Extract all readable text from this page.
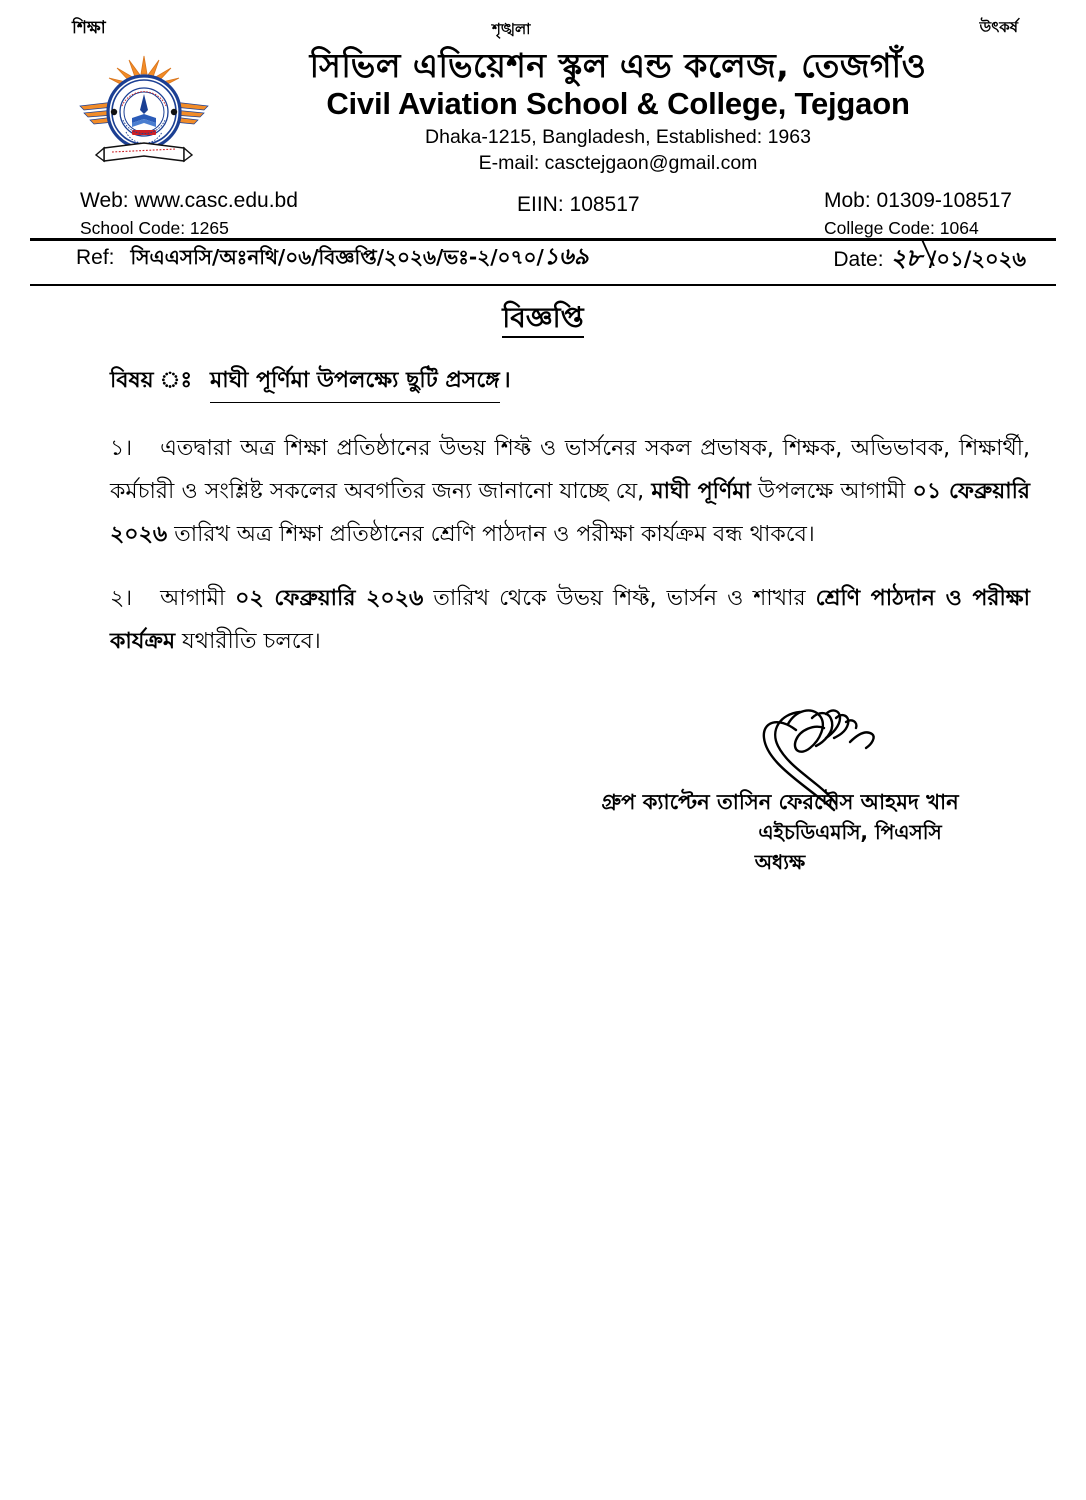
শিক্ষা	শৃঙ্খলা	উৎকর্ষ
সিভিল এভিয়েশন স্কুল এন্ড কলেজ, তেজগাঁও
Civil Aviation School & College, Tejgaon
Dhaka-1215, Bangladesh, Established: 1963
E-mail: casctejgaon@gmail.com
Web: www.casc.edu.bd
School Code: 1265
EIIN: 108517	Mob: 01309-108517
College Code: 1064
Ref: সিএএসসি/অঃনথি/০৬/বিজ্ঞপ্তি/২০২৬/ভঃ-২/০৭০/১৬৯	Date: ২৮ /০১/২০২৬
বিজ্ঞপ্তি
বিষয় ঃ মাঘী পূর্ণিমা উপলক্ষ্যে ছুটি প্রসঙ্গে ।
১। এতদ্বারা অত্র শিক্ষা প্রতিষ্ঠানের উভয় শিফ্ট ও ভার্সনের সকল প্রভাষক, শিক্ষক, অভিভাবক, শিক্ষার্থী, কর্মচারী ও সংশ্লিষ্ট সকলের অবগতির জন্য জানানো যাচ্ছে যে, মাঘী পূর্ণিমা উপলক্ষে আগামী ০১ ফেব্রুয়ারি ২০২৬ তারিখ অত্র শিক্ষা প্রতিষ্ঠানের শ্রেণি পাঠদান ও পরীক্ষা কার্যক্রম বন্ধ থাকবে।
২। আগামী ০২ ফেব্রুয়ারি ২০২৬ তারিখ থেকে উভয় শিফ্ট, ভার্সন ও শাখার শ্রেণি পাঠদান ও পরীক্ষা কার্যক্রম যথারীতি চলবে।
গ্রুপ ক্যাপ্টেন তাসিন ফেরদৌস আহমদ খান
এইচডিএমসি, পিএসসি
অধ্যক্ষ
